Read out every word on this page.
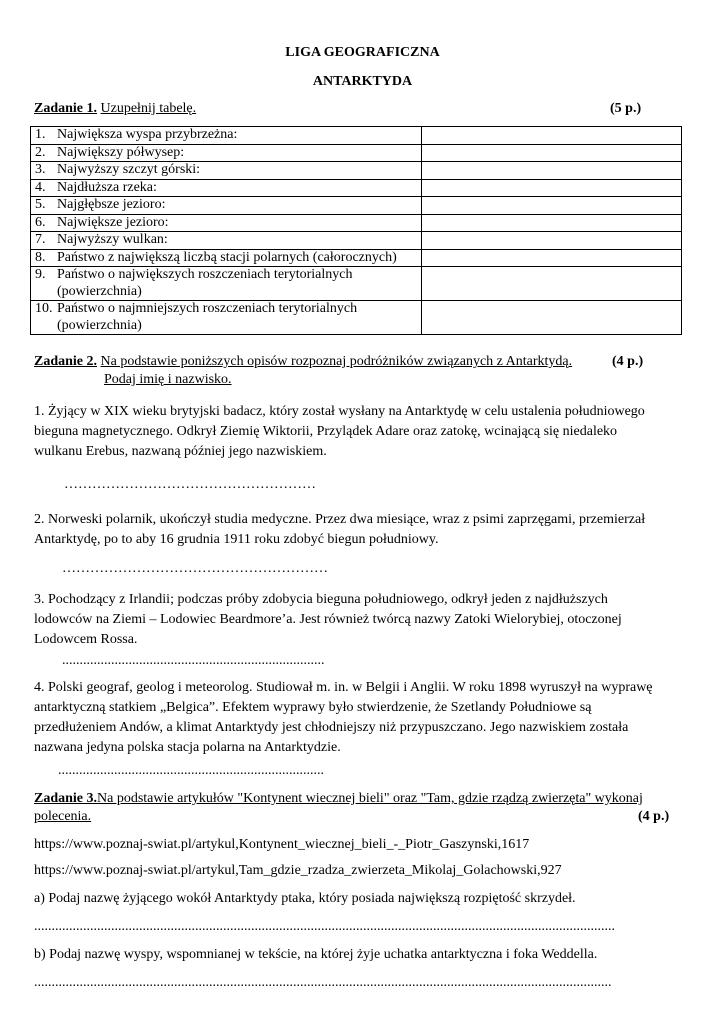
LIGA GEOGRAFICZNA
ANTARKTYDA
Zadanie 1. Uzupełnij tabelę.	(5 p.)
1. Największa wyspa przybrzeżna:	
2. Największy półwysep:	
3. Najwyższy szczyt górski:	
4. Najdłuższa rzeka:	
5. Najgłębsze jezioro:	
6. Największe jezioro:	
7. Najwyższy wulkan:	
8. Państwo z największą liczbą stacji polarnych (całorocznych)	
9. Państwo o największych roszczeniach terytorialnych
(powierzchnia)	

10. Państwo o najmniejszych roszczeniach terytorialnych
(powierzchnia)	

Zadanie 2. Na podstawie poniższych opisów rozpoznaj podróżników związanych z Antarktydą.	(4 p.)
Podaj imię i nazwisko.
1. Żyjący w XIX wieku brytyjski badacz, który został wysłany na Antarktydę w celu ustalenia południowego
bieguna magnetycznego. Odkrył Ziemię Wiktorii, Przylądek Adare oraz zatokę, wcinającą się niedaleko
wulkanu Erebus, nazwaną później jego nazwiskiem.
………………………………………………
2. Norweski polarnik, ukończył studia medyczne. Przez dwa miesiące, wraz z psimi zaprzęgami, przemierzał
Antarktydę, po to aby 16 grudnia 1911 roku zdobyć biegun południowy.
…………………………………………………
3. Pochodzący z Irlandii; podczas próby zdobycia bieguna południowego, odkrył jeden z najdłuższych
lodowców na Ziemi – Lodowiec Beardmore’a. Jest również twórcą nazwy Zatoki Wielorybiej, otoczonej
Lodowcem Rossa.
...........................................................................
4. Polski geograf, geolog i meteorolog. Studiował m. in. w Belgii i Anglii. W roku 1898 wyruszył na wyprawę
antarktyczną statkiem „Belgica”. Efektem wyprawy było stwierdzenie, że Szetlandy Południowe są
przedłużeniem Andów, a klimat Antarktydy jest chłodniejszy niż przypuszczano. Jego nazwiskiem została
nazwana jedyna polska stacja polarna na Antarktydzie.
............................................................................
Zadanie 3.Na podstawie artykułów "Kontynent wiecznej bieli" oraz "Tam, gdzie rządzą zwierzęta" wykonaj
polecenia.	(4 p.)
https://www.poznaj-swiat.pl/artykul,Kontynent_wiecznej_bieli_-_Piotr_Gaszynski,1617
https://www.poznaj-swiat.pl/artykul,Tam_gdzie_rzadza_zwierzeta_Mikolaj_Golachowski,927
a) Podaj nazwę żyjącego wokół Antarktydy ptaka, który posiada największą rozpiętość skrzydeł.
......................................................................................................................................................................
b) Podaj nazwę wyspy, wspomnianej w tekście, na której żyje uchatka antarktyczna i foka Weddella.
.....................................................................................................................................................................
